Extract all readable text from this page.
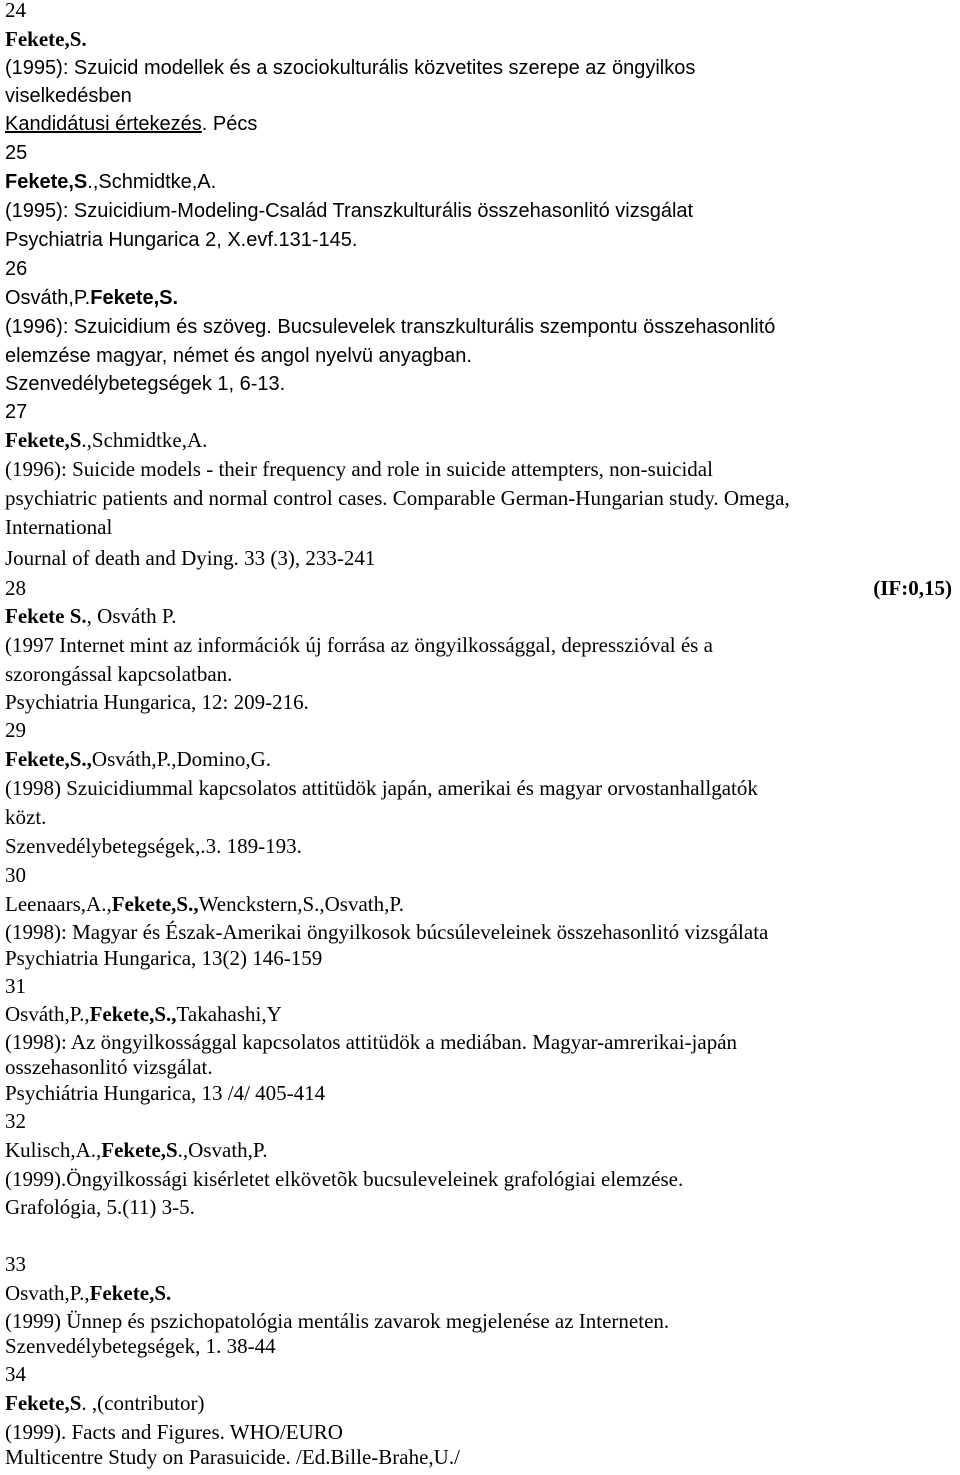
24
Fekete,S.
(1995): Szuicid modellek és a szociokulturális közvetites szerepe az öngyilkos
viselkedésben
Kandidátusi értekezés. Pécs
25
Fekete,S.,Schmidtke,A.
(1995): Szuicidium-Modeling-Család Transzkulturális összehasonlitó vizsgálat
Psychiatria Hungarica 2, X.evf.131-145.
26
Osváth,P.Fekete,S.
(1996): Szuicidium és szöveg. Bucsulevelek transzkulturális szempontu összehasonlitó
elemzése magyar, német és angol nyelvü anyagban.
Szenvedélybetegségek 1, 6-13.
27
Fekete,S.,Schmidtke,A.
(1996): Suicide models - their frequency and role in suicide attempters, non-suicidal
psychiatric patients and normal control cases. Comparable German-Hungarian study. Omega,
International
Journal of death and Dying. 33 (3), 233-241
28	(IF:0,15)
Fekete S., Osváth P.
(1997 Internet mint az információk új forrása az öngyilkossággal, depresszióval és a
szorongással kapcsolatban.
Psychiatria Hungarica, 12: 209-216.
29
Fekete,S.,Osváth,P.,Domino,G.
(1998) Szuicidiummal kapcsolatos attitüdök japán, amerikai és magyar orvostanhallgatók
közt.
Szenvedélybetegségek,.3. 189-193.
30
Leenaars,A.,Fekete,S.,Wenckstern,S.,Osvath,P.
(1998): Magyar és Észak-Amerikai öngyilkosok búcsúleveleinek összehasonlitó vizsgálata
Psychiatria Hungarica, 13(2) 146-159
31
Osváth,P.,Fekete,S.,Takahashi,Y
(1998): Az öngyilkossággal kapcsolatos attitüdök a mediában. Magyar-amrerikai-japán
osszehasonlitó vizsgálat.
Psychiátria Hungarica, 13 /4/ 405-414
32
Kulisch,A.,Fekete,S.,Osvath,P.
(1999).Öngyilkossági kisérletet elkövetõk bucsuleveleinek grafológiai elemzése.
Grafológia, 5.(11) 3-5.
33
Osvath,P.,Fekete,S.
(1999) Ünnep és pszichopatológia mentális zavarok megjelenése az Interneten.
Szenvedélybetegségek, 1. 38-44
34
Fekete,S. ,(contributor)
(1999). Facts and Figures. WHO/EURO
Multicentre Study on Parasuicide. /Ed.Bille-Brahe,U./
